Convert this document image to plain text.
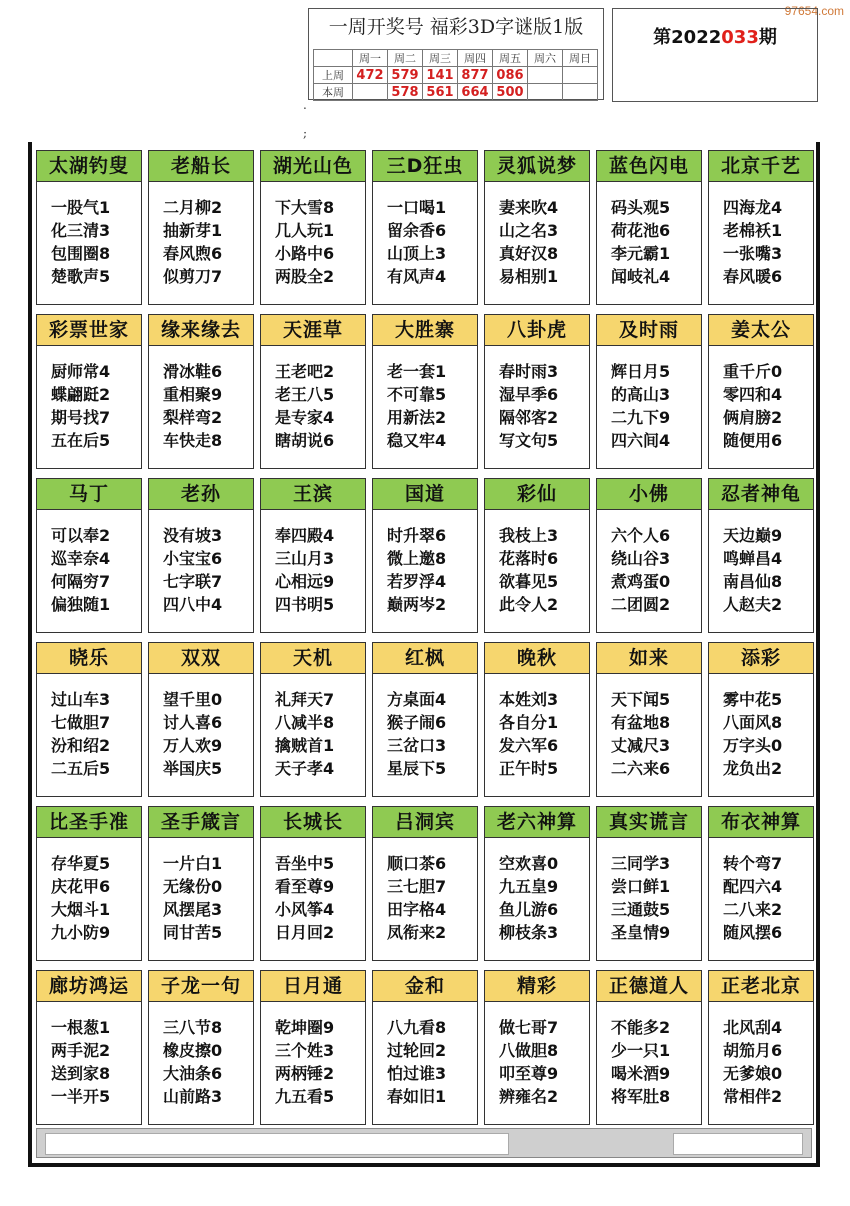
97654.com
一周开奖号 福彩3D字谜版1版
	周一	周二	周三	周四	周五	周六	周日
上周	472	579	141	877	086		
本周		578	561	664	500		
第2022033期
.
;
太湖钓叟
一股气1
化三清3
包围圈8
楚歌声5
老船长
二月柳2
抽新芽1
春风煦6
似剪刀7
湖光山色
下大雪8
几人玩1
小路中6
两股全2
三D狂虫
一口喝1
留余香6
山顶上3
有风声4
灵狐说梦
妻来吹4
山之名3
真好汉8
易相别1
蓝色闪电
码头观5
荷花池6
李元霸1
闻岐礼4
北京千艺
四海龙4
老棉袄1
一张嘴3
春风暖6
彩票世家
厨师常4
蝶翩跹2
期号找7
五在后5
缘来缘去
滑冰鞋6
重相聚9
梨样弯2
车快走8
天涯草
王老吧2
老王八5
是专家4
瞎胡说6
大胜寨
老一套1
不可靠5
用新法2
稳又牢4
八卦虎
春时雨3
湿早季6
隔邻客2
写文句5
及时雨
辉日月5
的高山3
二九下9
四六间4
姜太公
重千斤0
零四和4
俩肩膀2
随便用6
马丁
可以奉2
巡幸奈4
何隔穷7
偏独随1
老孙
没有坡3
小宝宝6
七字联7
四八中4
王滨
奉四殿4
三山月3
心相远9
四书明5
国道
时升翠6
微上邀8
若罗浮4
巅两岑2
彩仙
我枝上3
花落时6
欲暮见5
此令人2
小佛
六个人6
绕山谷3
煮鸡蛋0
二团圆2
忍者神龟
天边巅9
鸣蝉昌4
南昌仙8
人赵夫2
晓乐
过山车3
七做胆7
汾和绍2
二五后5
双双
望千里0
讨人喜6
万人欢9
举国庆5
天机
礼拜天7
八减半8
擒贼首1
天子孝4
红枫
方桌面4
猴子闹6
三岔口3
星辰下5
晚秋
本姓刘3
各自分1
发六军6
正午时5
如来
天下闻5
有盆地8
丈减尺3
二六来6
添彩
雾中花5
八面风8
万字头0
龙负出2
比圣手准
存华夏5
庆花甲6
大烟斗1
九小防9
圣手箴言
一片白1
无缘份0
风摆尾3
同甘苦5
长城长
吾坐中5
看至尊9
小风筝4
日月回2
吕洞宾
顺口茶6
三七胆7
田字格4
凤衔来2
老六神算
空欢喜0
九五皇9
鱼儿游6
柳枝条3
真实谎言
三同学3
尝口鲜1
三通鼓5
圣皇情9
布衣神算
转个弯7
配四六4
二八来2
随风摆6
廊坊鸿运
一根葱1
两手泥2
送到家8
一半开5
子龙一句
三八节8
橡皮擦0
大油条6
山前路3
日月通
乾坤圈9
三个姓3
两柄锤2
九五看5
金和
八九看8
过轮回2
怕过谁3
春如旧1
精彩
做七哥7
八做胆8
叩至尊9
辨雍名2
正德道人
不能多2
少一只1
喝米酒9
将军肚8
正老北京
北风刮4
胡笳月6
无爹娘0
常相伴2
